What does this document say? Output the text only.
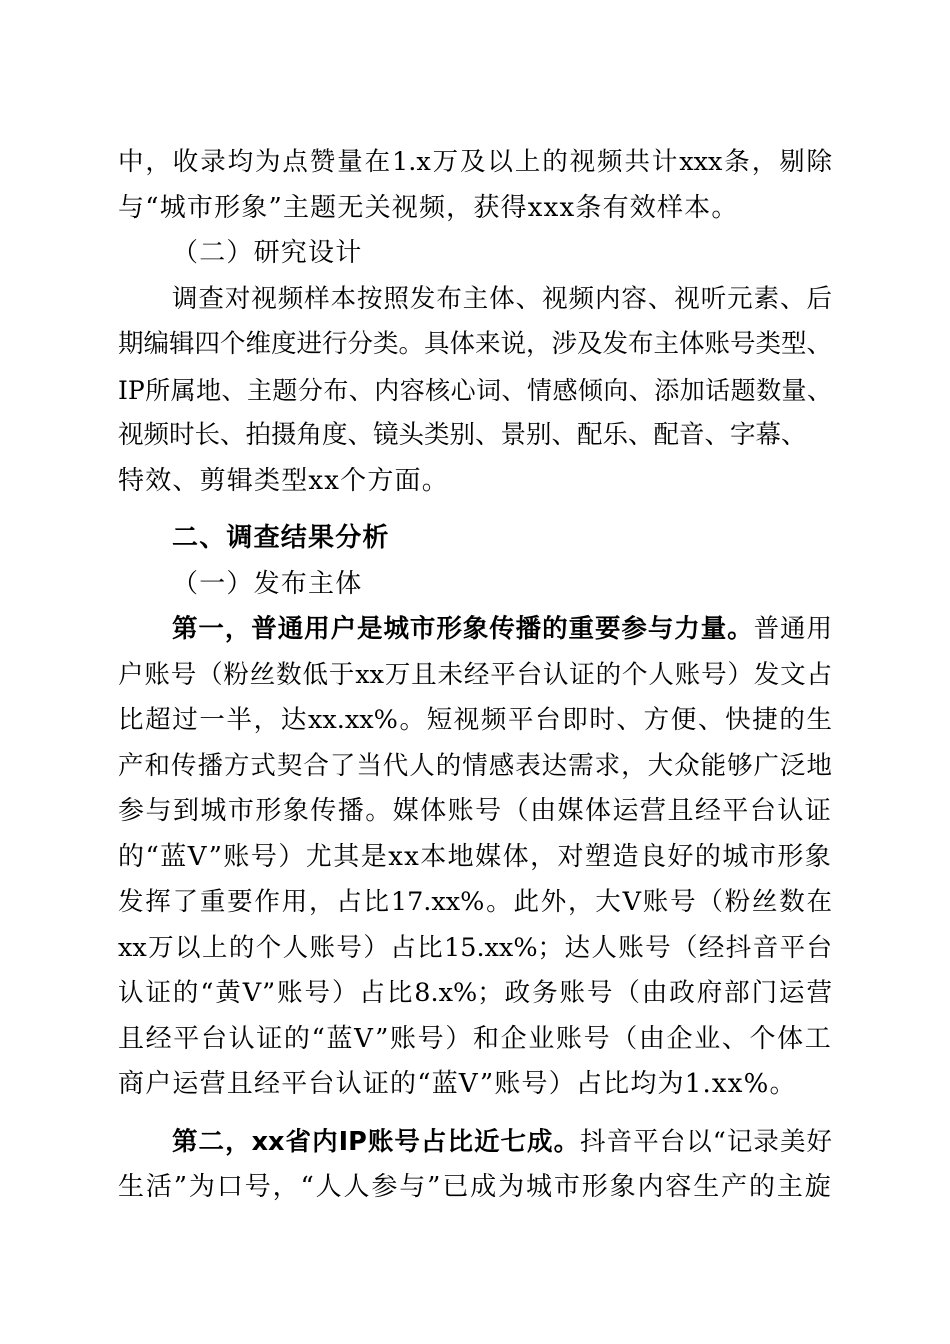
中，收录均为点赞量在1.x万及以上的视频共计xxx条，剔除
与“城市形象”主题无关视频，获得xxx条有效样本。
（二）研究设计
调查对视频样本按照发布主体、视频内容、视听元素、后
期编辑四个维度进行分类。具体来说，涉及发布主体账号类型、
IP所属地、主题分布、内容核心词、情感倾向、添加话题数量、
视频时长、拍摄角度、镜头类别、景别、配乐、配音、字幕、
特效、剪辑类型xx个方面。
二、调查结果分析
（一）发布主体
第一，普通用户是城市形象传播的重要参与力量。普通用
户账号（粉丝数低于xx万且未经平台认证的个人账号）发文占
比超过一半，达xx.xx%。短视频平台即时、方便、快捷的生
产和传播方式契合了当代人的情感表达需求，大众能够广泛地
参与到城市形象传播。媒体账号（由媒体运营且经平台认证
的“蓝V”账号）尤其是xx本地媒体，对塑造良好的城市形象
发挥了重要作用，占比17.xx%。此外，大V账号（粉丝数在
xx万以上的个人账号）占比15.xx%；达人账号（经抖音平台
认证的“黄V”账号）占比8.x%；政务账号（由政府部门运营
且经平台认证的“蓝V”账号）和企业账号（由企业、个体工
商户运营且经平台认证的“蓝V”账号）占比均为1.xx%。
第二，xx省内IP账号占比近七成。抖音平台以“记录美好
生活”为口号，“人人参与”已成为城市形象内容生产的主旋
